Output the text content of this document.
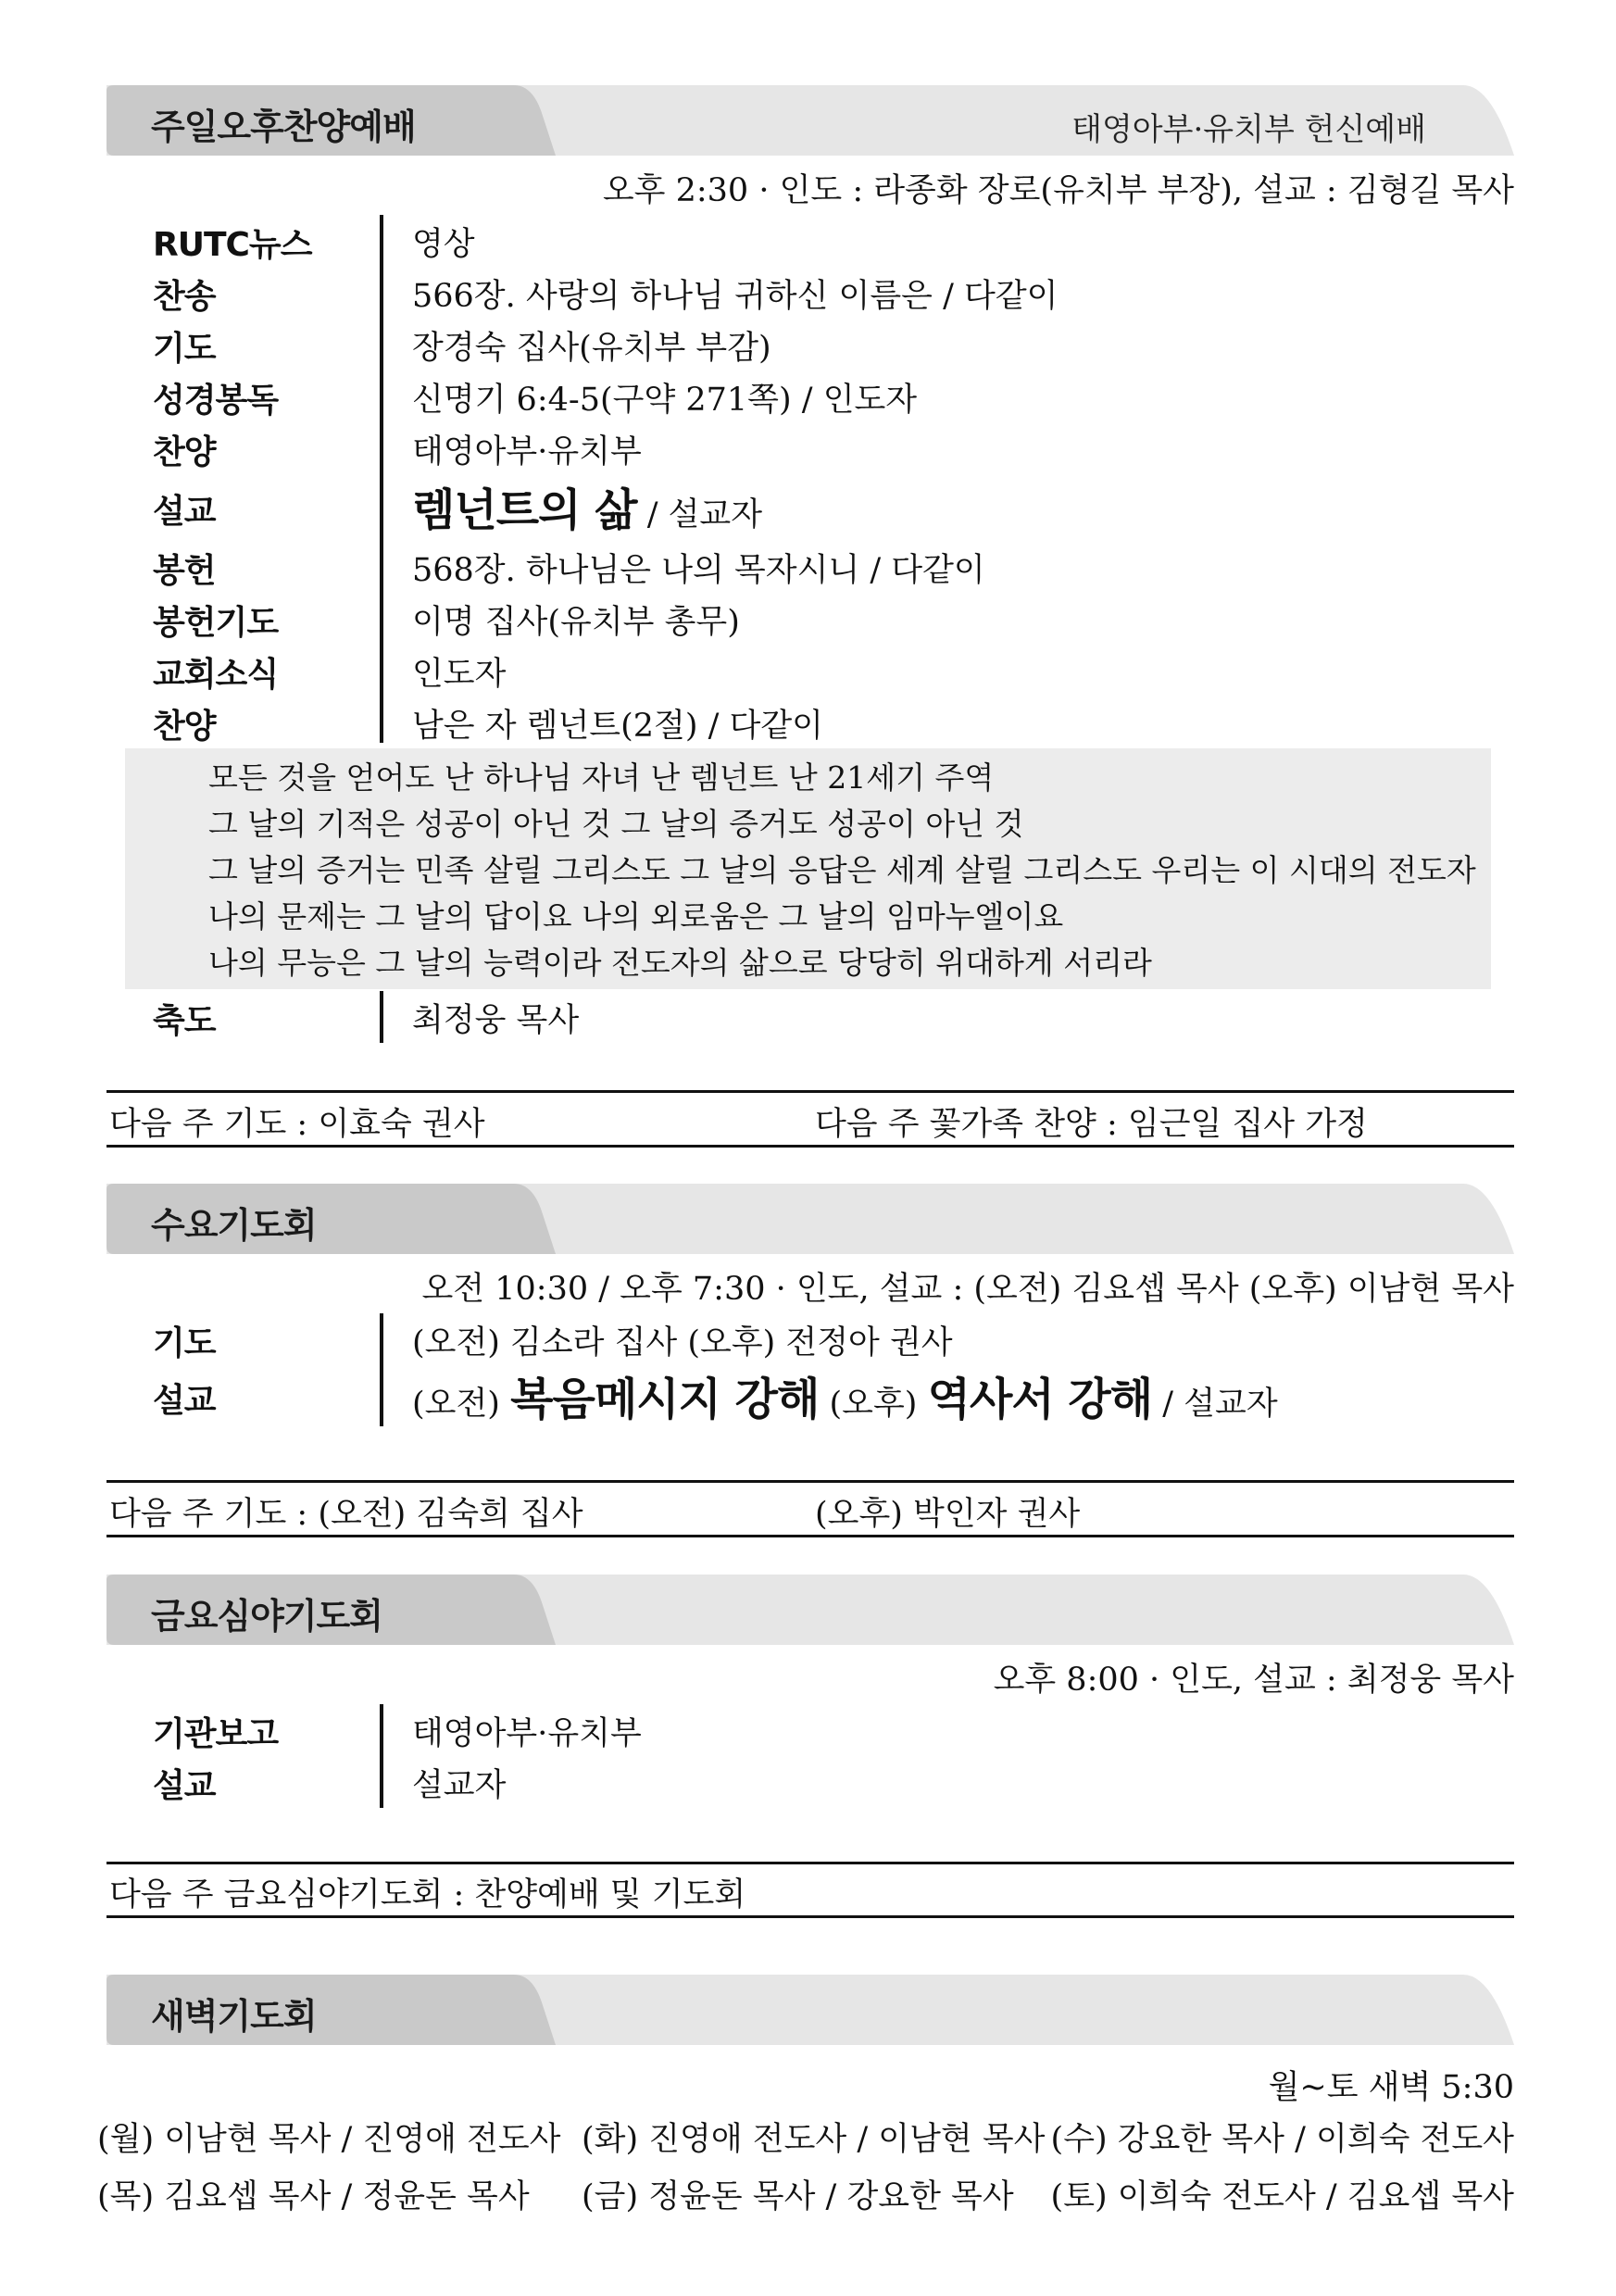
주일오후찬양예배	태영아부·유치부 헌신예배
오후 2:30 · 인도 : 라종화 장로(유치부 부장), 설교 : 김형길 목사
RUTC뉴스	영상
찬송	566장. 사랑의 하나님 귀하신 이름은 / 다같이
기도	장경숙 집사(유치부 부감)
성경봉독	신명기 6:4-5(구약 271쪽) / 인도자
찬양	태영아부·유치부
설교	렘넌트의 삶 / 설교자
봉헌	568장. 하나님은 나의 목자시니 / 다같이
봉헌기도	이명 집사(유치부 총무)
교회소식	인도자
찬양	남은 자 렘넌트(2절) / 다같이
모든 것을 얻어도 난 하나님 자녀 난 렘넌트 난 21세기 주역
그 날의 기적은 성공이 아닌 것 그 날의 증거도 성공이 아닌 것
그 날의 증거는 민족 살릴 그리스도 그 날의 응답은 세계 살릴 그리스도 우리는 이 시대의 전도자
나의 문제는 그 날의 답이요 나의 외로움은 그 날의 임마누엘이요
나의 무능은 그 날의 능력이라 전도자의 삶으로 당당히 위대하게 서리라
축도	최정웅 목사
다음 주 기도 : 이효숙 권사	다음 주 꽃가족 찬양 : 임근일 집사 가정
수요기도회
오전 10:30 / 오후 7:30 · 인도, 설교 : (오전) 김요셉 목사 (오후) 이남현 목사
기도	(오전) 김소라 집사 (오후) 전정아 권사
설교	(오전) 복음메시지 강해 (오후) 역사서 강해 / 설교자
다음 주 기도 : (오전) 김숙희 집사	(오후) 박인자 권사
금요심야기도회
오후 8:00 · 인도, 설교 : 최정웅 목사
기관보고	태영아부·유치부
설교	설교자
다음 주 금요심야기도회 : 찬양예배 및 기도회
새벽기도회
월~토 새벽 5:30
(월) 이남현 목사 / 진영애 전도사 (화) 진영애 전도사 / 이남현 목사 (수) 강요한 목사 / 이희숙 전도사
(목) 김요셉 목사 / 정윤돈 목사 (금) 정윤돈 목사 / 강요한 목사 (토) 이희숙 전도사 / 김요셉 목사
